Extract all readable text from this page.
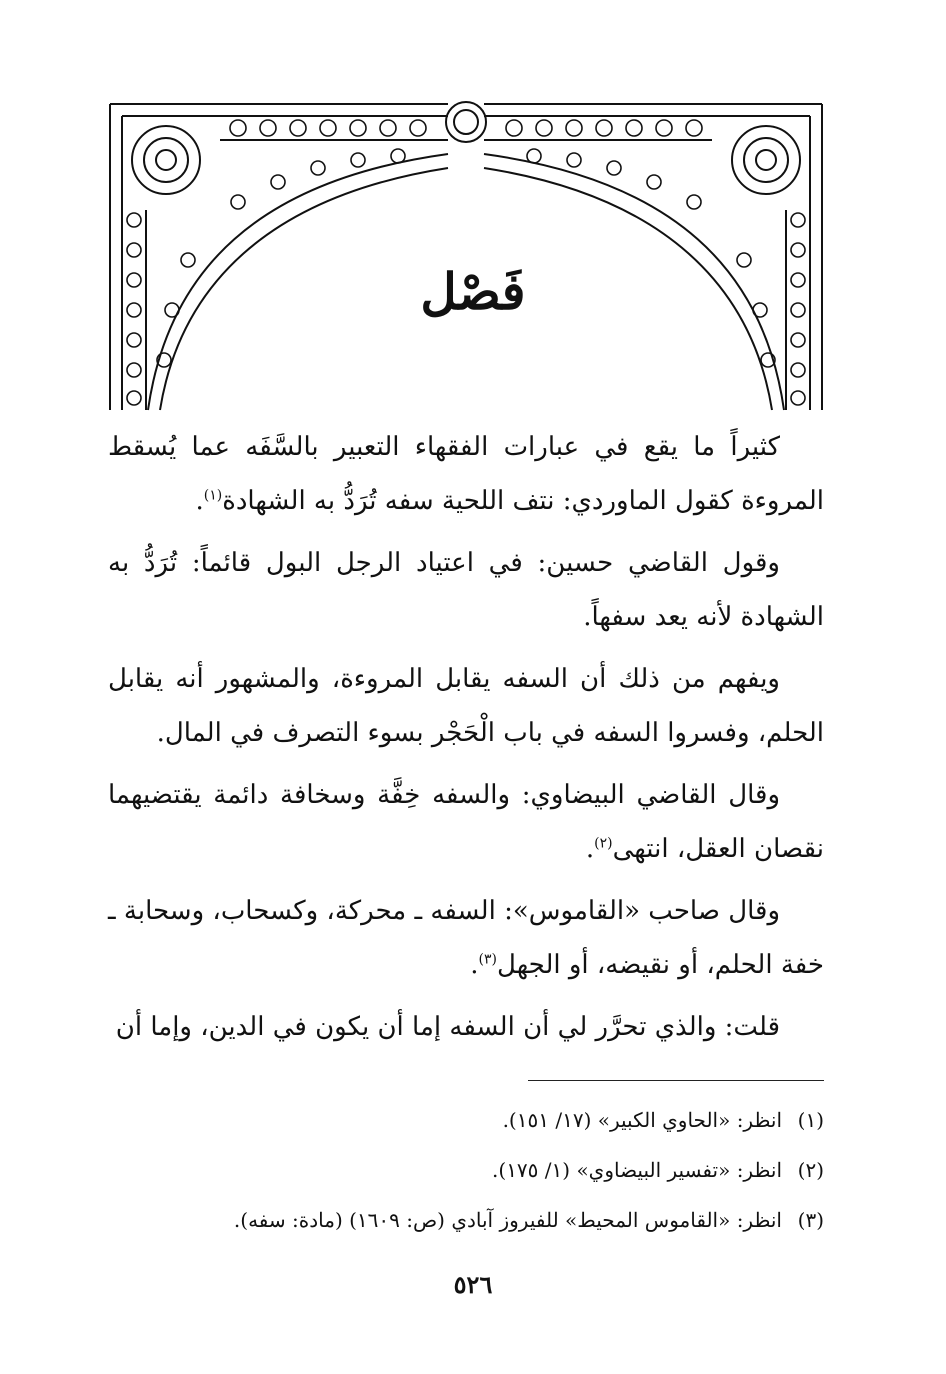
فَصْل

كثيراً ما يقع في عبارات الفقهاء التعبير بالسَّفَه عما يُسقط المروءة كقول الماوردي: نتف اللحية سفه تُرَدُّ به الشهادة$^{(١)}$.

وقول القاضي حسين: في اعتياد الرجل البول قائماً: تُرَدُّ به الشهادة لأنه يعد سفهاً.

ويفهم من ذلك أن السفه يقابل المروءة، والمشهور أنه يقابل الحلم، وفسروا السفه في باب الْحَجْر بسوء التصرف في المال.

وقال القاضي البيضاوي: والسفه خِفَّة وسخافة دائمة يقتضيهما نقصان العقل، انتهى$^{(٢)}$.

وقال صاحب «القاموس»: السفه ـ محركة، وكسحاب، وسحابة ـ خفة الحلم، أو نقيضه، أو الجهل$^{(٣)}$.

قلت: والذي تحرَّر لي أن السفه إما أن يكون في الدين، وإما أن

(١)انظر: «الحاوي الكبير» (١٧/ ١٥١).

(٢)انظر: «تفسير البيضاوي» (١/ ١٧٥).

(٣)انظر: «القاموس المحيط» للفيروز آبادي (ص: ١٦٠٩) (مادة: سفه).

٥٢٦
